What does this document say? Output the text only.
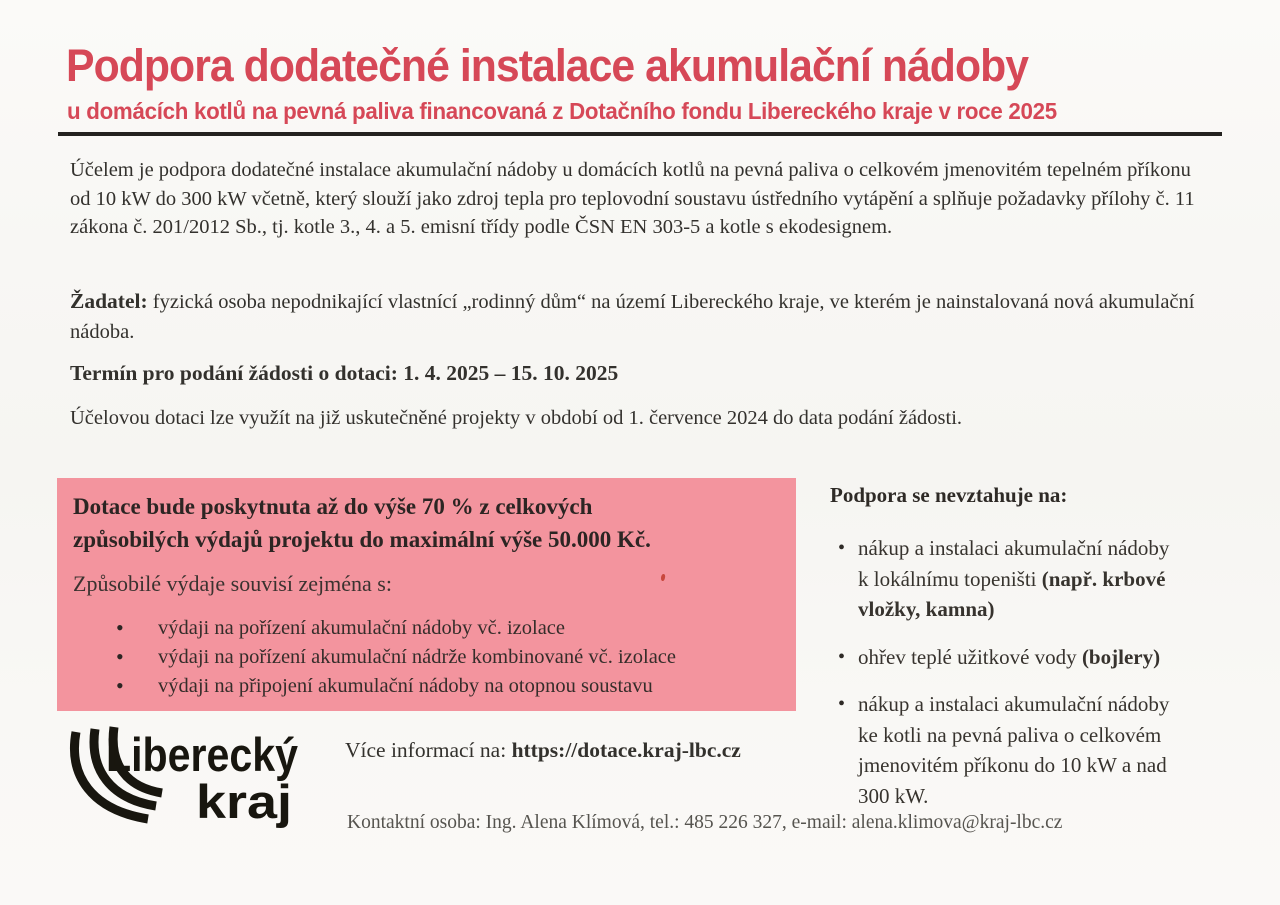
Podpora dodatečné instalace akumulační nádoby
u domácích kotlů na pevná paliva financovaná z Dotačního fondu Libereckého kraje v roce 2025

Účelem je podpora dodatečné instalace akumulační nádoby u domácích kotlů na pevná paliva o celkovém jmenovitém tepelném příkonu od 10 kW do 300 kW včetně, který slouží jako zdroj tepla pro teplovodní soustavu ústředního vytápění a splňuje požadavky přílohy č. 11 zákona č. 201/2012 Sb., tj. kotle 3., 4. a 5. emisní třídy podle ČSN EN 303-5 a kotle s ekodesignem.

Žadatel: fyzická osoba nepodnikající vlastnící „rodinný dům“ na území Libereckého kraje, ve kterém je nainstalovaná nová akumulační nádoba.

Termín pro podání žádosti o dotaci: 1. 4. 2025 – 15. 10. 2025

Účelovou dotaci lze využít na již uskutečněné projekty v období od 1. července 2024 do data podání žádosti.

Dotace bude poskytnuta až do výše 70 % z celkových způsobilých výdajů projektu do maximální výše 50.000 Kč.
Způsobilé výdaje souvisí zejména s:
• výdaji na pořízení akumulační nádoby vč. izolace
• výdaji na pořízení akumulační nádrže kombinované vč. izolace
• výdaji na připojení akumulační nádoby na otopnou soustavu
Podpora se nevztahuje na:
• nákup a instalaci akumulační nádoby k lokálnímu topeništi (např. krbové vložky, kamna)
• ohřev teplé užitkové vody (bojlery)
• nákup a instalaci akumulační nádoby ke kotli na pevná paliva o celkovém jmenovitém příkonu do 10 kW a nad 300 kW.
Liberecký
kraj

Více informací na: https://dotace.kraj-lbc.cz

Kontaktní osoba: Ing. Alena Klímová, tel.: 485 226 327, e-mail: alena.klimova@kraj-lbc.cz
